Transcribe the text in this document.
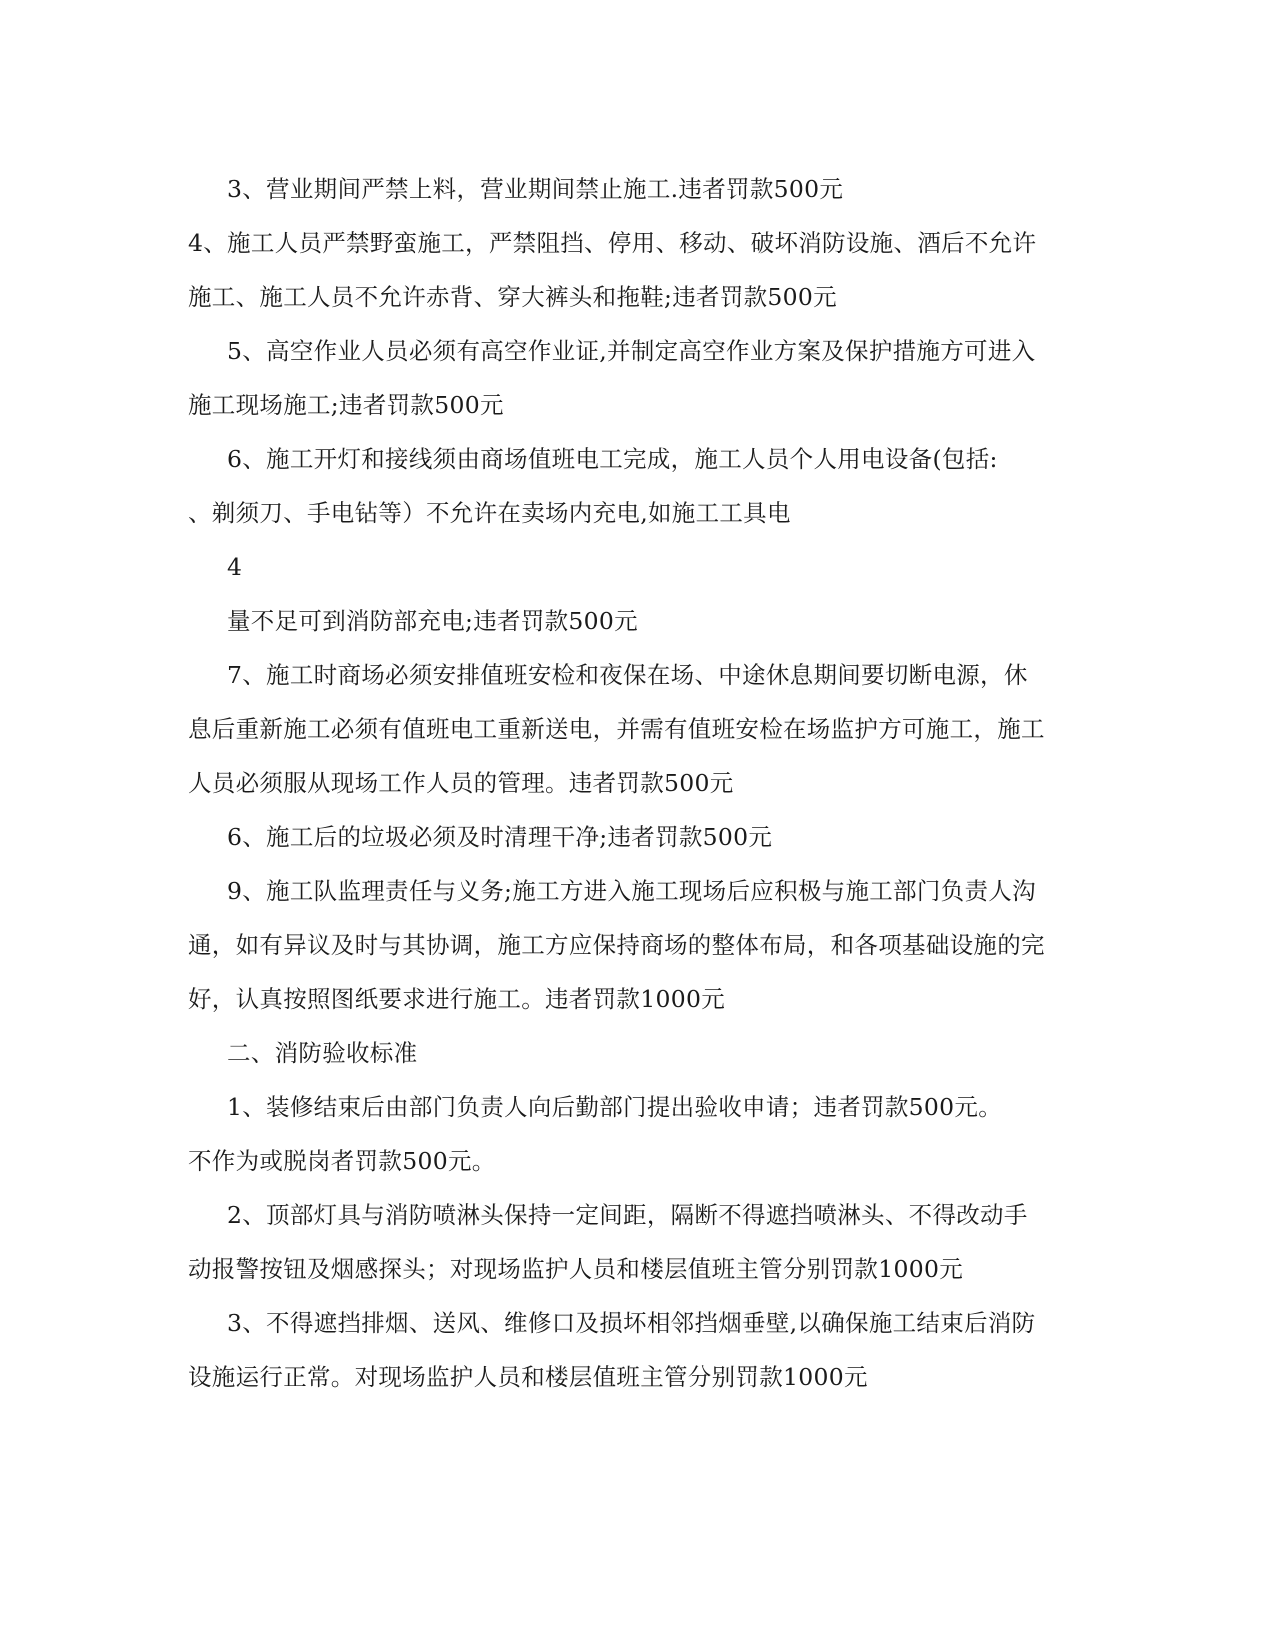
3、营业期间严禁上料，营业期间禁止施工.违者罚款500元

4、施工人员严禁野蛮施工，严禁阻挡、停用、移动、破坏消防设施、酒后不允许

施工、施工人员不允许赤背、穿大裤头和拖鞋;违者罚款500元

5、高空作业人员必须有高空作业证,并制定高空作业方案及保护措施方可进入

施工现场施工;违者罚款500元

6、施工开灯和接线须由商场值班电工完成，施工人员个人用电设备(包括:

、剃须刀、手电钻等）不允许在卖场内充电,如施工工具电

4

量不足可到消防部充电;违者罚款500元

7、施工时商场必须安排值班安检和夜保在场、中途休息期间要切断电源，休

息后重新施工必须有值班电工重新送电，并需有值班安检在场监护方可施工，施工

人员必须服从现场工作人员的管理。违者罚款500元

6、施工后的垃圾必须及时清理干净;违者罚款500元

9、施工队监理责任与义务;施工方进入施工现场后应积极与施工部门负责人沟

通，如有异议及时与其协调，施工方应保持商场的整体布局，和各项基础设施的完

好，认真按照图纸要求进行施工。违者罚款1000元

二、消防验收标准

1、装修结束后由部门负责人向后勤部门提出验收申请；违者罚款500元。

不作为或脱岗者罚款500元。

2、顶部灯具与消防喷淋头保持一定间距，隔断不得遮挡喷淋头、不得改动手

动报警按钮及烟感探头；对现场监护人员和楼层值班主管分别罚款1000元

3、不得遮挡排烟、送风、维修口及损坏相邻挡烟垂壁,以确保施工结束后消防

设施运行正常。对现场监护人员和楼层值班主管分别罚款1000元
